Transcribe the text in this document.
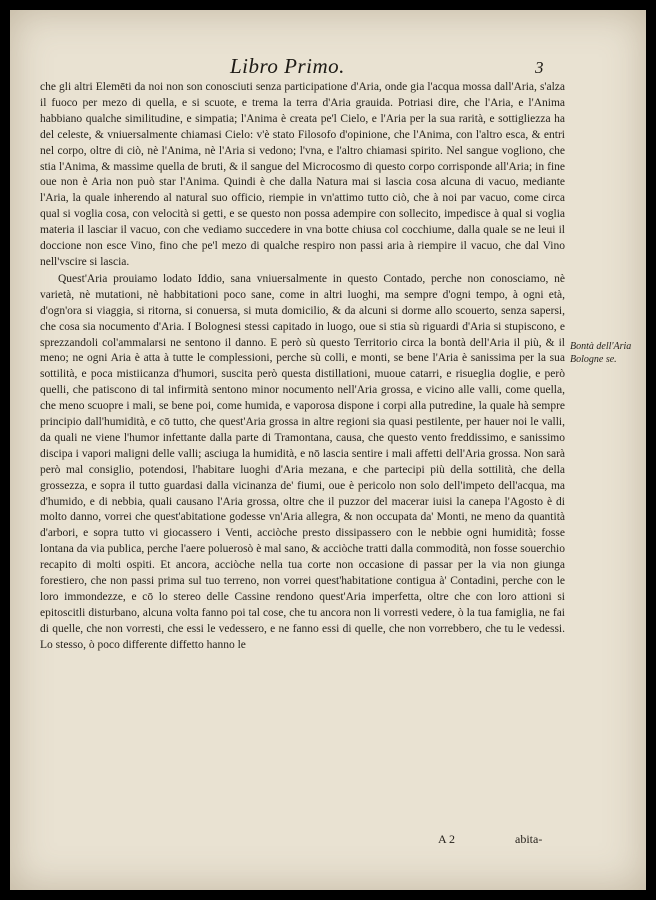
Libro Primo.	3

che gli altri Elemēti da noi non son conosciuti senza participatione d'Aria, onde gia l'acqua mossa dall'Aria, s'alza il fuoco per mezo di quella, e si scuote, e trema la terra d'Aria grauida. Potriasi dire, che l'Aria, e l'Anima habbiano qualche similitudine, e simpatia; l'Anima è creata pe'l Cielo, e l'Aria per la sua rarità, e sottigliezza ha del celeste, & vniuersalmente chiamasi Cielo: v'è stato Filosofo d'opinione, che l'Anima, con l'altro esca, & entri nel corpo, oltre di ciò, nè l'Anima, nè l'Aria si vedono; l'vna, e l'altro chiamasi spirito. Nel sangue vogliono, che stia l'Anima, & massime quella de bruti, & il sangue del Microcosmo di questo corpo corrisponde all'Aria; in fine oue non è Aria non può star l'Anima. Quindi è che dalla Natura mai si lascia cosa alcuna di vacuo, mediante l'Aria, la quale inherendo al natural suo officio, riempie in vn'attimo tutto ciò, che à noi par vacuo, come circa qual si voglia cosa, con velocità si getti, e se questo non possa adempire con sollecito, impedisce à qual si voglia materia il lasciar il vacuo, con che vediamo succedere in vna botte chiusa col cocchiume, dalla quale se ne leui il doccione non esce Vino, fino che pe'l mezo di qualche respiro non passi aria à riempire il vacuo, che dal Vino nell'vscire si lascia.

Quest'Aria prouiamo lodato Iddio, sana vniuersalmente in questo Contado, perche non conosciamo, nè varietà, nè mutationi, nè habbitationi poco sane, come in altri luoghi, ma sempre d'ogni tempo, à ogni età, d'ogn'ora si viaggia, si ritorna, si conuersa, si muta domicilio, & da alcuni si dorme allo scouerto, senza sapersi, che cosa sia nocumento d'Aria. I Bolognesi stessi capitado in luogo, oue si stia sù riguardi d'Aria si stupiscono, e sprezzandoli col'ammalarsi ne sentono il danno. E però sù questo Territorio circa la bontà dell'Aria il più, & il meno; ne ogni Aria è atta à tutte le complessioni, perche sù colli, e monti, se bene l'Aria è sanissima per la sua sottilità, e poca mistiicanza d'humori, suscita però questa distillationi, muoue catarri, e risueglia doglie, e però quelli, che patiscono di tal infirmità sentono minor nocumento nell'Aria grossa, e vicino alle valli, come quella, che meno scuopre i mali, se bene poi, come humida, e vaporosa dispone i corpi alla putredine, la quale hà sempre principio dall'humidità, e cō tutto, che quest'Aria grossa in altre regioni sia quasi pestilente, per hauer noi le valli, da quali ne viene l'humor infettante dalla parte di Tramontana, causa, che questo vento freddissimo, e sanissimo discipa i vapori maligni delle valli; asciuga la humidità, e nō lascia sentire i mali affetti dell'Aria grossa. Non sarà però mal consiglio, potendosi, l'habitare luoghi d'Aria mezana, e che partecipi più della sottilità, che della grossezza, e sopra il tutto guardasi dalla vicinanza de' fiumi, oue è pericolo non solo dell'impeto dell'acqua, ma d'humido, e di nebbia, quali causano l'Aria grossa, oltre che il puzzor del macerar iuisi la canepa l'Agosto è di molto danno, vorrei che quest'abitatione godesse vn'Aria allegra, & non occupata da' Monti, ne meno da quantità d'arbori, e sopra tutto vi giocassero i Venti, acciòche presto dissipassero con le nebbie ogni humidità; fosse lontana da via publica, perche l'aere poluerosò è mal sano, & acciòche tratti dalla commodità, non fosse souerchio recapito di molti ospiti. Et ancora, acciòche nella tua corte non occasione di passar per la via non giunga forestiero, che non passi prima sul tuo terreno, non vorrei quest'habitatione contigua à' Contadini, perche con le loro immondezze, e cō lo stereo delle Cassine rendono quest'Aria imperfetta, oltre che con loro attioni si epitoscitli disturbano, alcuna volta fanno poi tal cose, che tu ancora non li vorresti vedere, ò la tua famiglia, ne fai di quelle, che non vorresti, che essi le vedessero, e ne fanno essi di quelle, che non vorrebbero, che tu le vedessi. Lo stesso, ò poco differente diffetto hanno le

Bontà dell'Aria Bologne se.
A 2	abita-
